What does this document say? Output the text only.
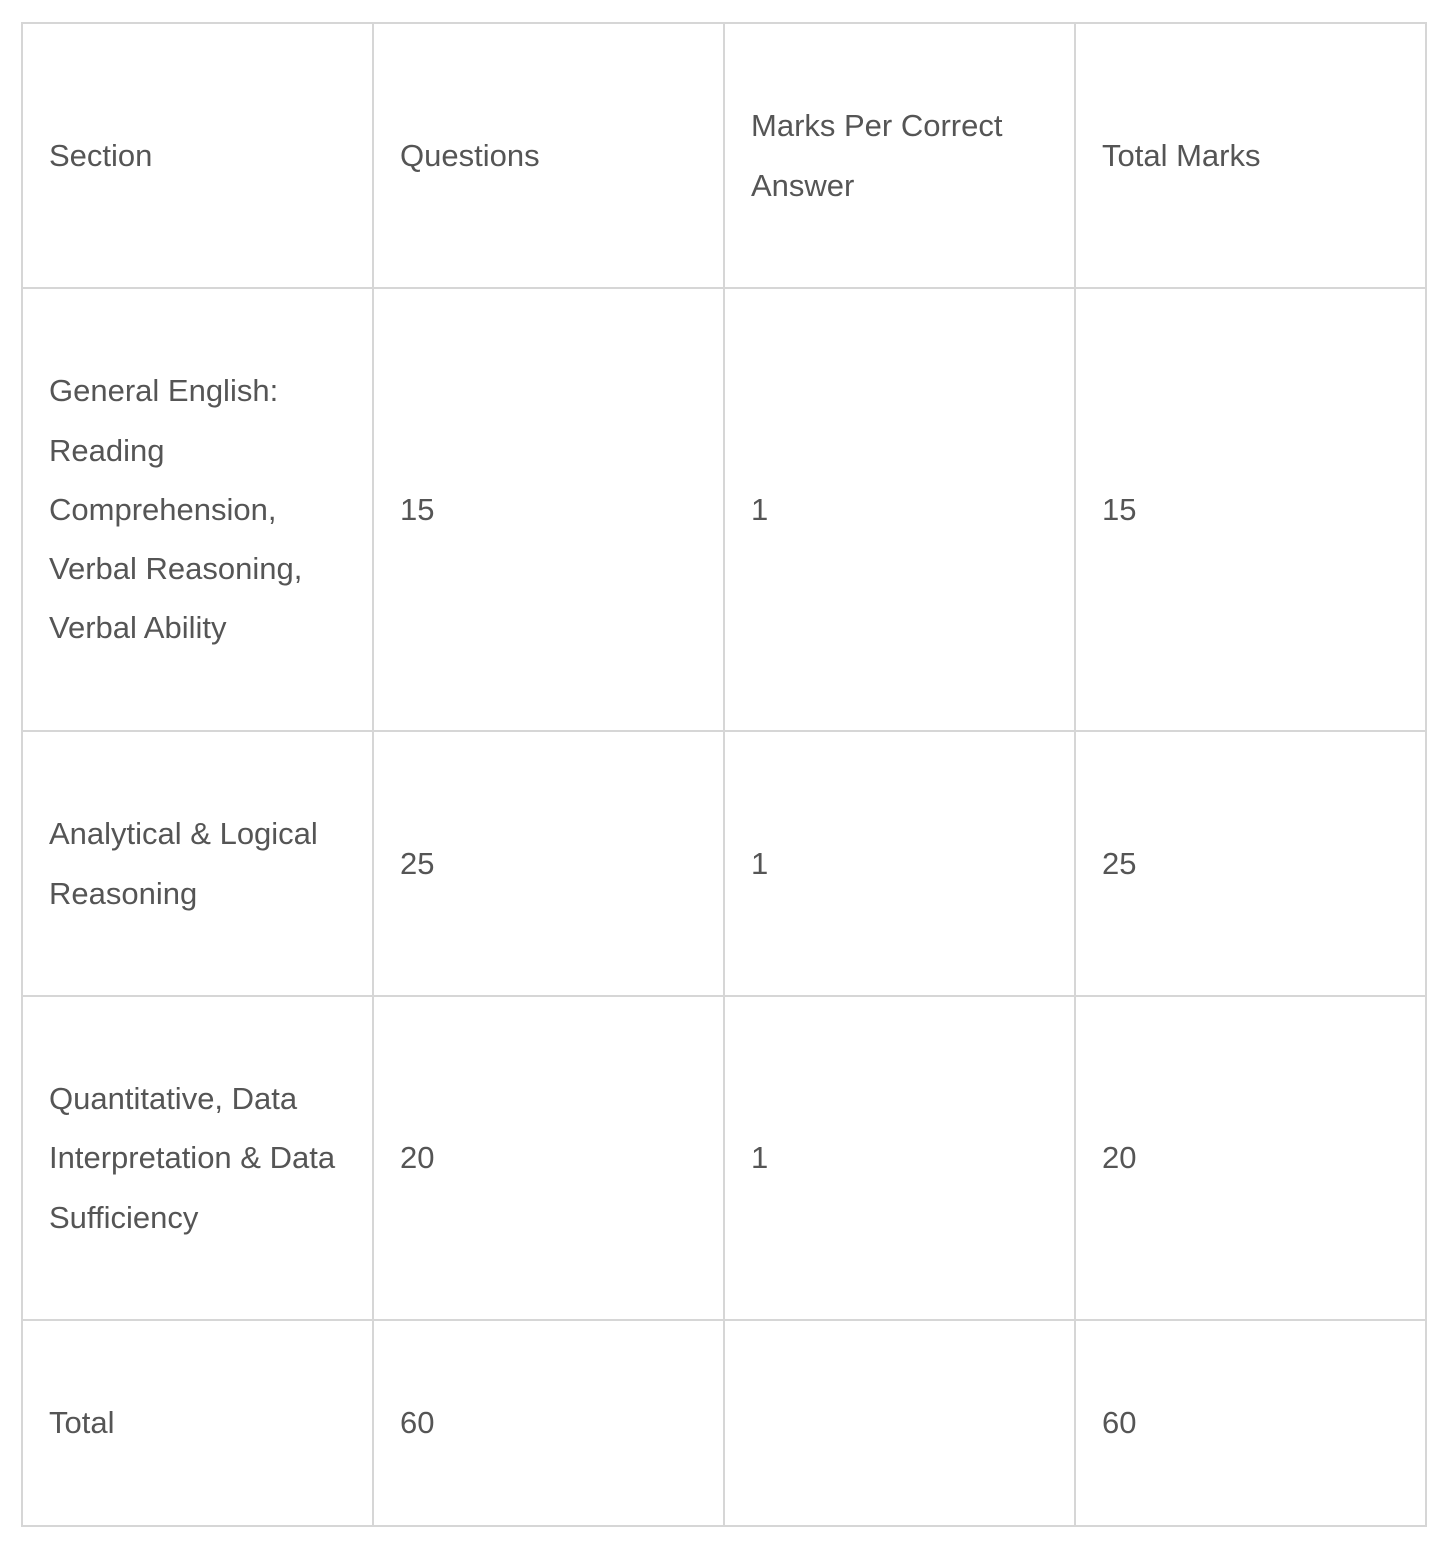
Section	Questions	Marks Per Correct Answer	Total Marks
General English: Reading Comprehension, Verbal Reasoning, Verbal Ability	15	1	15
Analytical & Logical Reasoning	25	1	25
Quantitative, Data Interpretation & Data Sufficiency	20	1	20
Total	60		60
